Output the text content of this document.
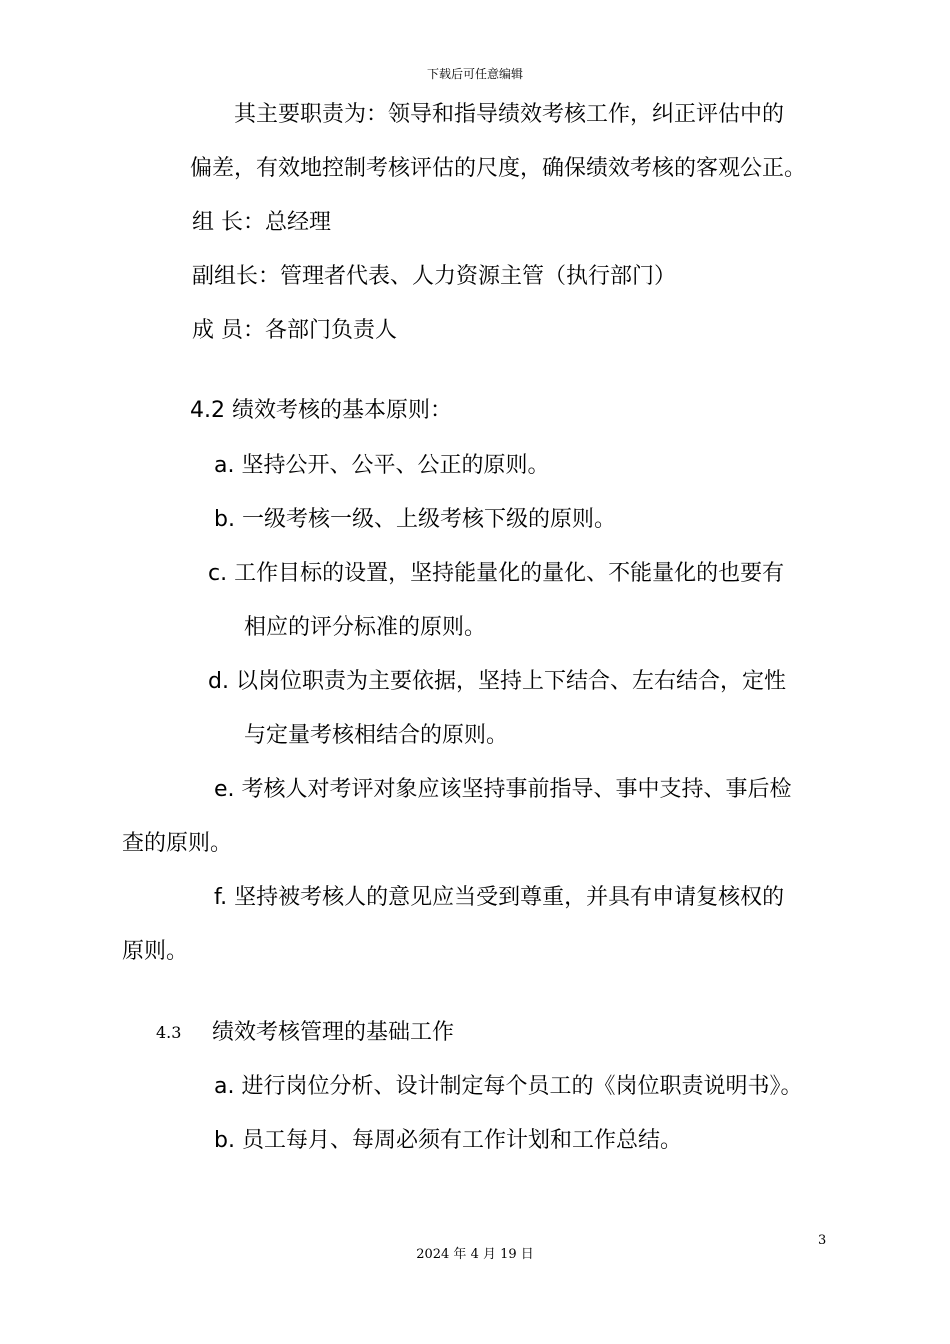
下载后可任意编辑
其主要职责为：领导和指导绩效考核工作，纠正评估中的
偏差，有效地控制考核评估的尺度，确保绩效考核的客观公正。
组 长：总经理
副组长：管理者代表、人力资源主管（执行部门）
成 员：各部门负责人
4.2 绩效考核的基本原则：
a. 坚持公开、公平、公正的原则。
b. 一级考核一级、上级考核下级的原则。
c. 工作目标的设置，坚持能量化的量化、不能量化的也要有
相应的评分标准的原则。
d. 以岗位职责为主要依据，坚持上下结合、左右结合，定性
与定量考核相结合的原则。
e. 考核人对考评对象应该坚持事前指导、事中支持、事后检
查的原则。
f. 坚持被考核人的意见应当受到尊重，并具有申请复核权的
原则。
4.3 绩效考核管理的基础工作
a. 进行岗位分析、设计制定每个员工的《岗位职责说明书》。
b. 员工每月、每周必须有工作计划和工作总结。
3
2024 年 4 月 19 日
